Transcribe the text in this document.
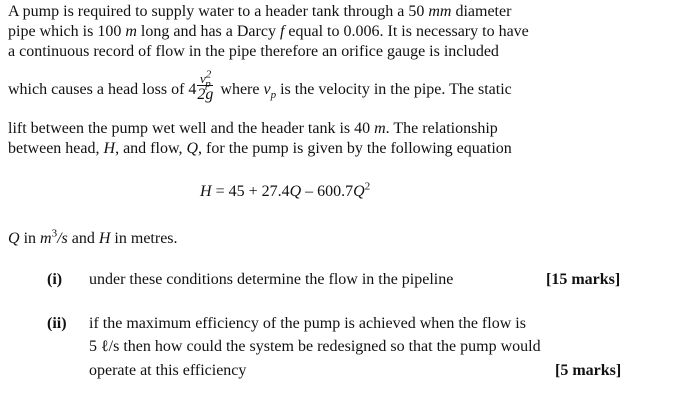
A pump is required to supply water to a header tank through a 50 mm diameter
pipe which is 100 m long and has a Darcy f equal to 0.006. It is necessary to have
a continuous record of flow in the pipe therefore an orifice gauge is included
which causes a head loss of $4 \frac{v^2_p}{2g}$ where $v_p$ is the velocity in the pipe. The static
lift between the pump wet well and the header tank is 40 m. The relationship
between head, H, and flow, Q, for the pump is given by the following equation
$H = 45 + 27.4Q - 600.7Q^2$
Q in $m^3/s$ and H in metres.
(i) under these conditions determine the flow in the pipeline	[15 marks]
(ii) if the maximum efficiency of the pump is achieved when the flow is
5 ℓ/s then how could the system be redesigned so that the pump would
operate at this efficiency	[5 marks]
